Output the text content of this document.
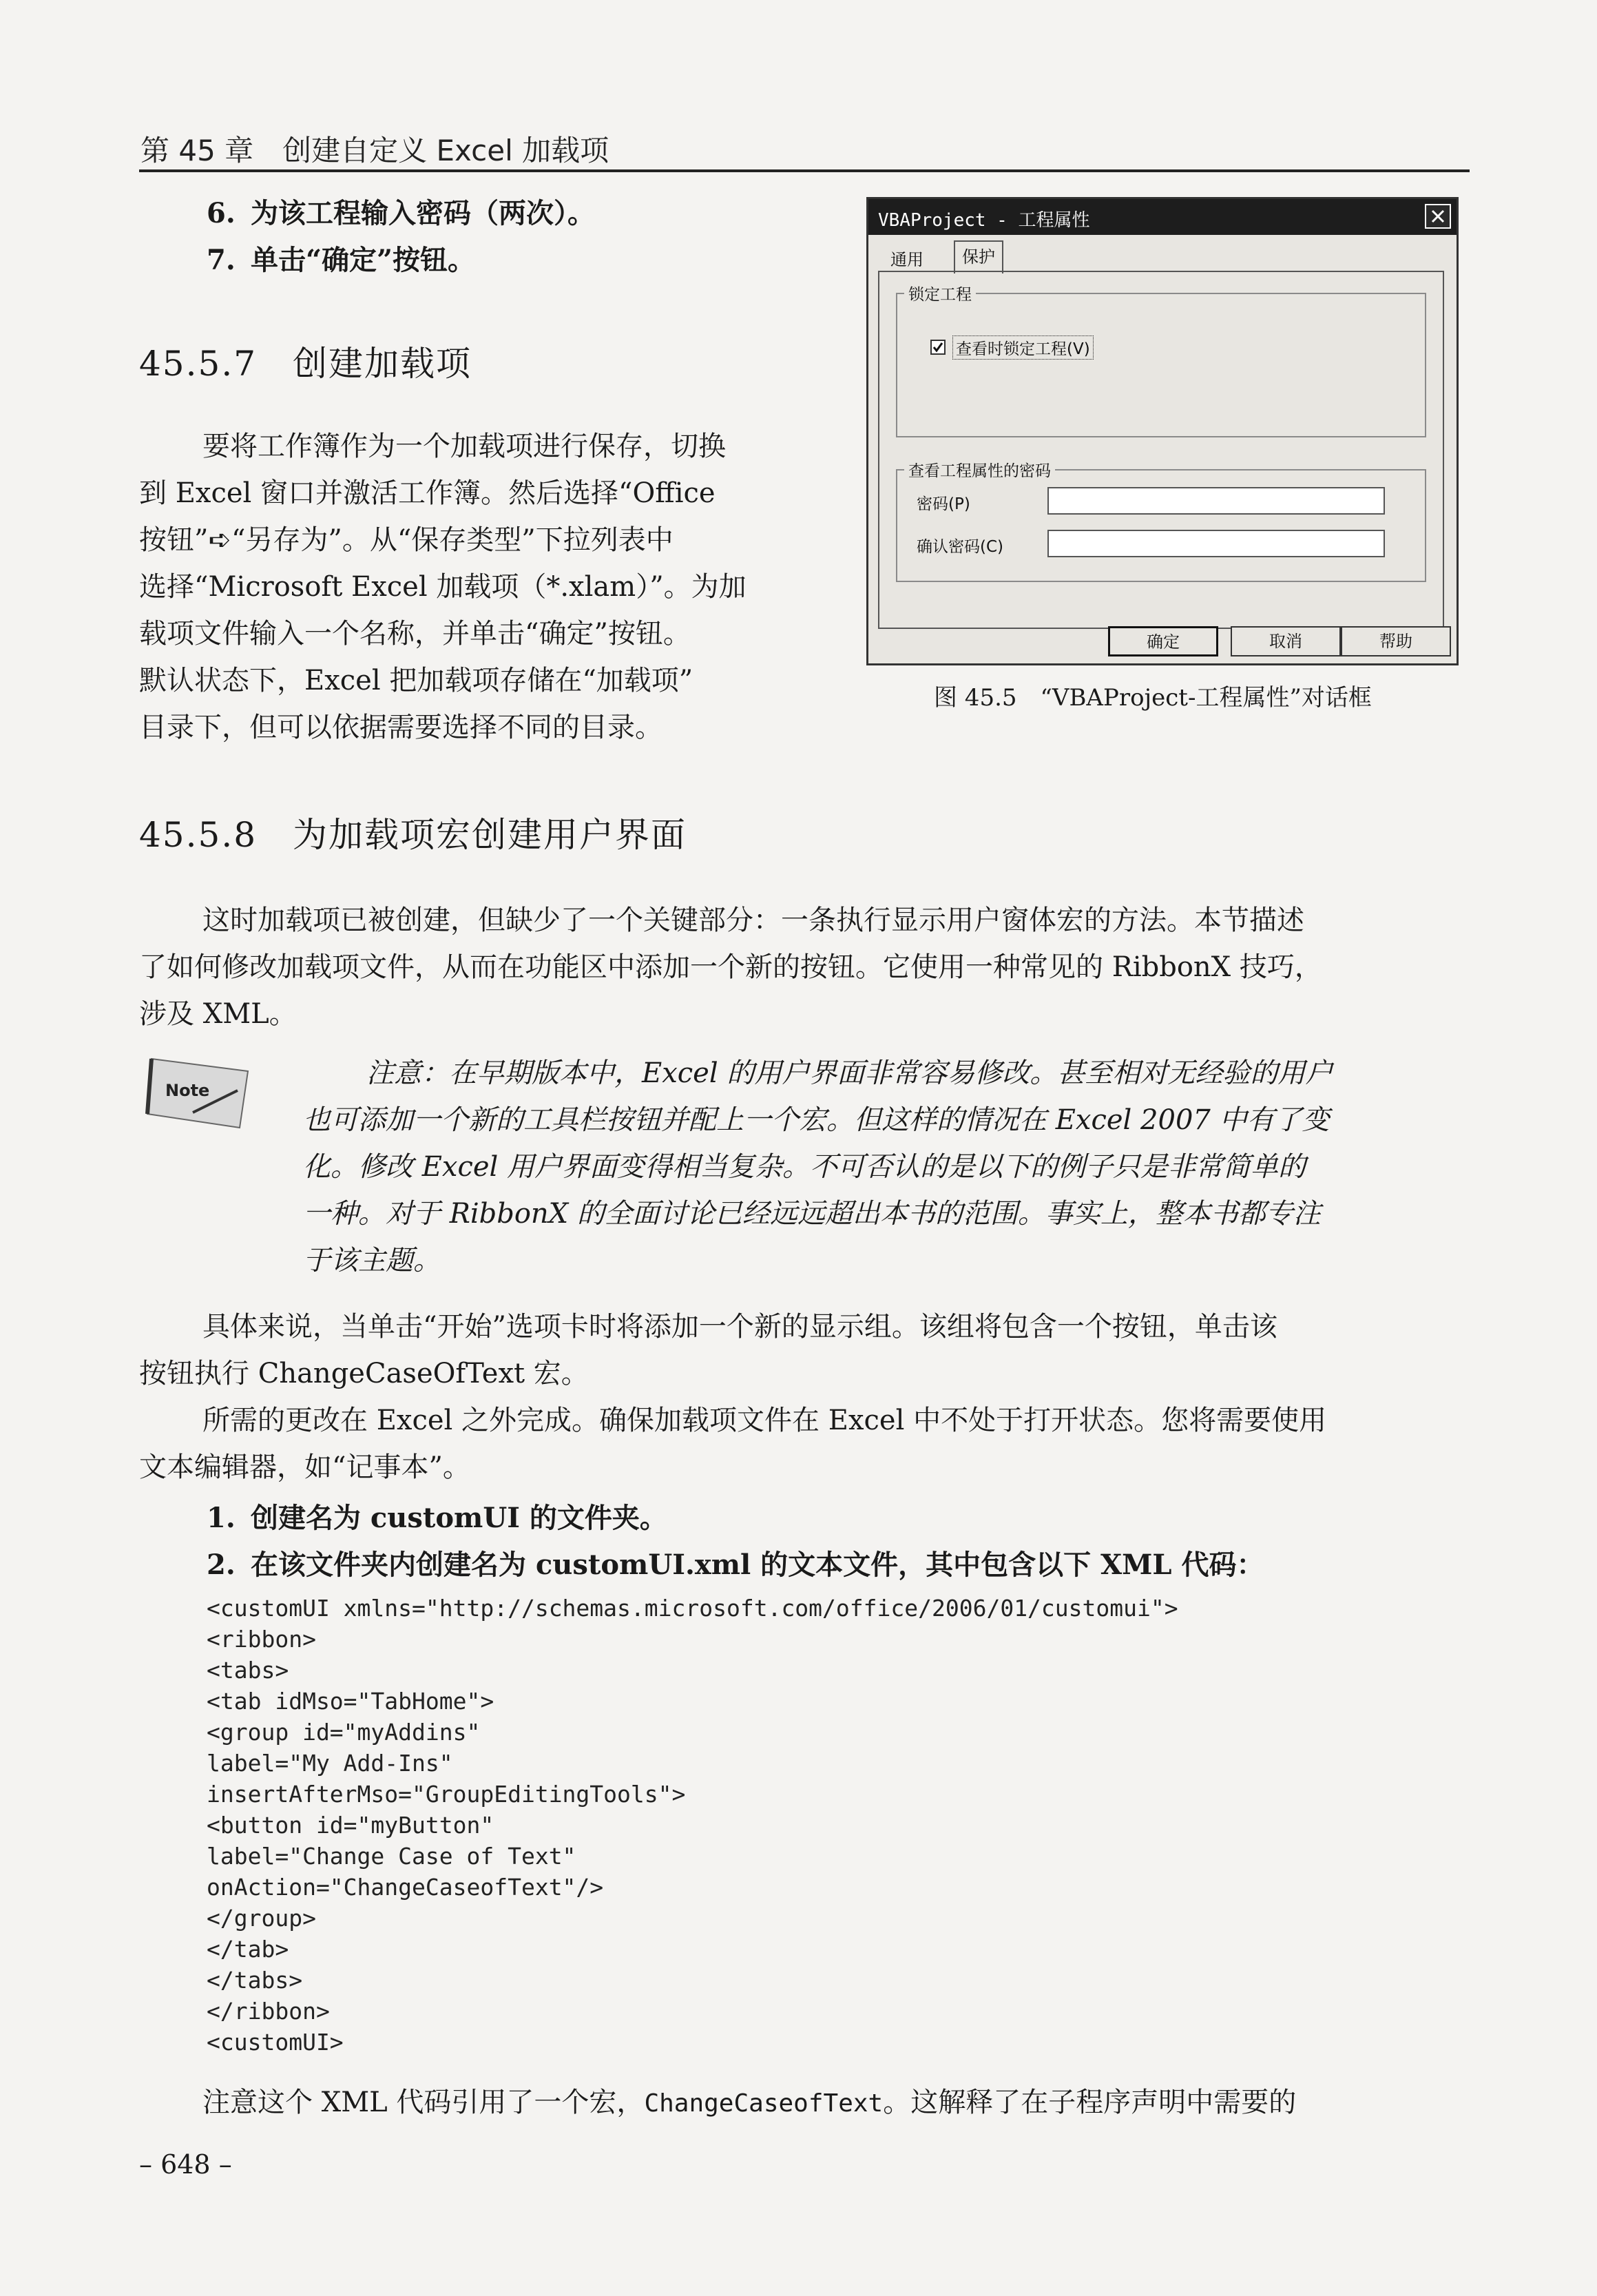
第 45 章　创建自定义 Excel 加载项
6. 为该工程输入密码（两次）。
7. 单击“确定”按钮。
45.5.7　创建加载项
要将工作簿作为一个加载项进行保存，切换
到 Excel 窗口并激活工作簿。然后选择“Office
按钮”➪“另存为”。从“保存类型”下拉列表中
选择“Microsoft Excel 加载项（*.xlam）”。为加
载项文件输入一个名称，并单击“确定”按钮。
默认状态下，Excel 把加载项存储在“加载项”
目录下，但可以依据需要选择不同的目录。
VBAProject - 工程属性
通用	保护
锁定工程
查看时锁定工程(V)
查看工程属性的密码
密码(P)
确认密码(C)
确定	取消	帮助
图 45.5　“VBAProject-工程属性”对话框
45.5.8　为加载项宏创建用户界面
这时加载项已被创建，但缺少了一个关键部分：一条执行显示用户窗体宏的方法。本节描述
了如何修改加载项文件，从而在功能区中添加一个新的按钮。它使用一种常见的 RibbonX 技巧，
涉及 XML。
Note
注意：在早期版本中，Excel 的用户界面非常容易修改。甚至相对无经验的用户
也可添加一个新的工具栏按钮并配上一个宏。但这样的情况在 Excel 2007 中有了变
化。修改 Excel 用户界面变得相当复杂。不可否认的是以下的例子只是非常简单的
一种。对于 RibbonX 的全面讨论已经远远超出本书的范围。事实上，整本书都专注
于该主题。
具体来说，当单击“开始”选项卡时将添加一个新的显示组。该组将包含一个按钮，单击该
按钮执行 ChangeCaseOfText 宏。
所需的更改在 Excel 之外完成。确保加载项文件在 Excel 中不处于打开状态。您将需要使用
文本编辑器，如“记事本”。
1. 创建名为 customUI 的文件夹。
2. 在该文件夹内创建名为 customUI.xml 的文本文件，其中包含以下 XML 代码：
<customUI xmlns="http://schemas.microsoft.com/office/2006/01/customui">
<ribbon>
<tabs>
<tab idMso="TabHome">
<group id="myAddins"
label="My Add-Ins"
insertAfterMso="GroupEditingTools">
<button id="myButton"
label="Change Case of Text"
onAction="ChangeCaseofText"/>
</group>
</tab>
</tabs>
</ribbon>
<customUI>
注意这个 XML 代码引用了一个宏，ChangeCaseofText。这解释了在子程序声明中需要的
– 648 –
